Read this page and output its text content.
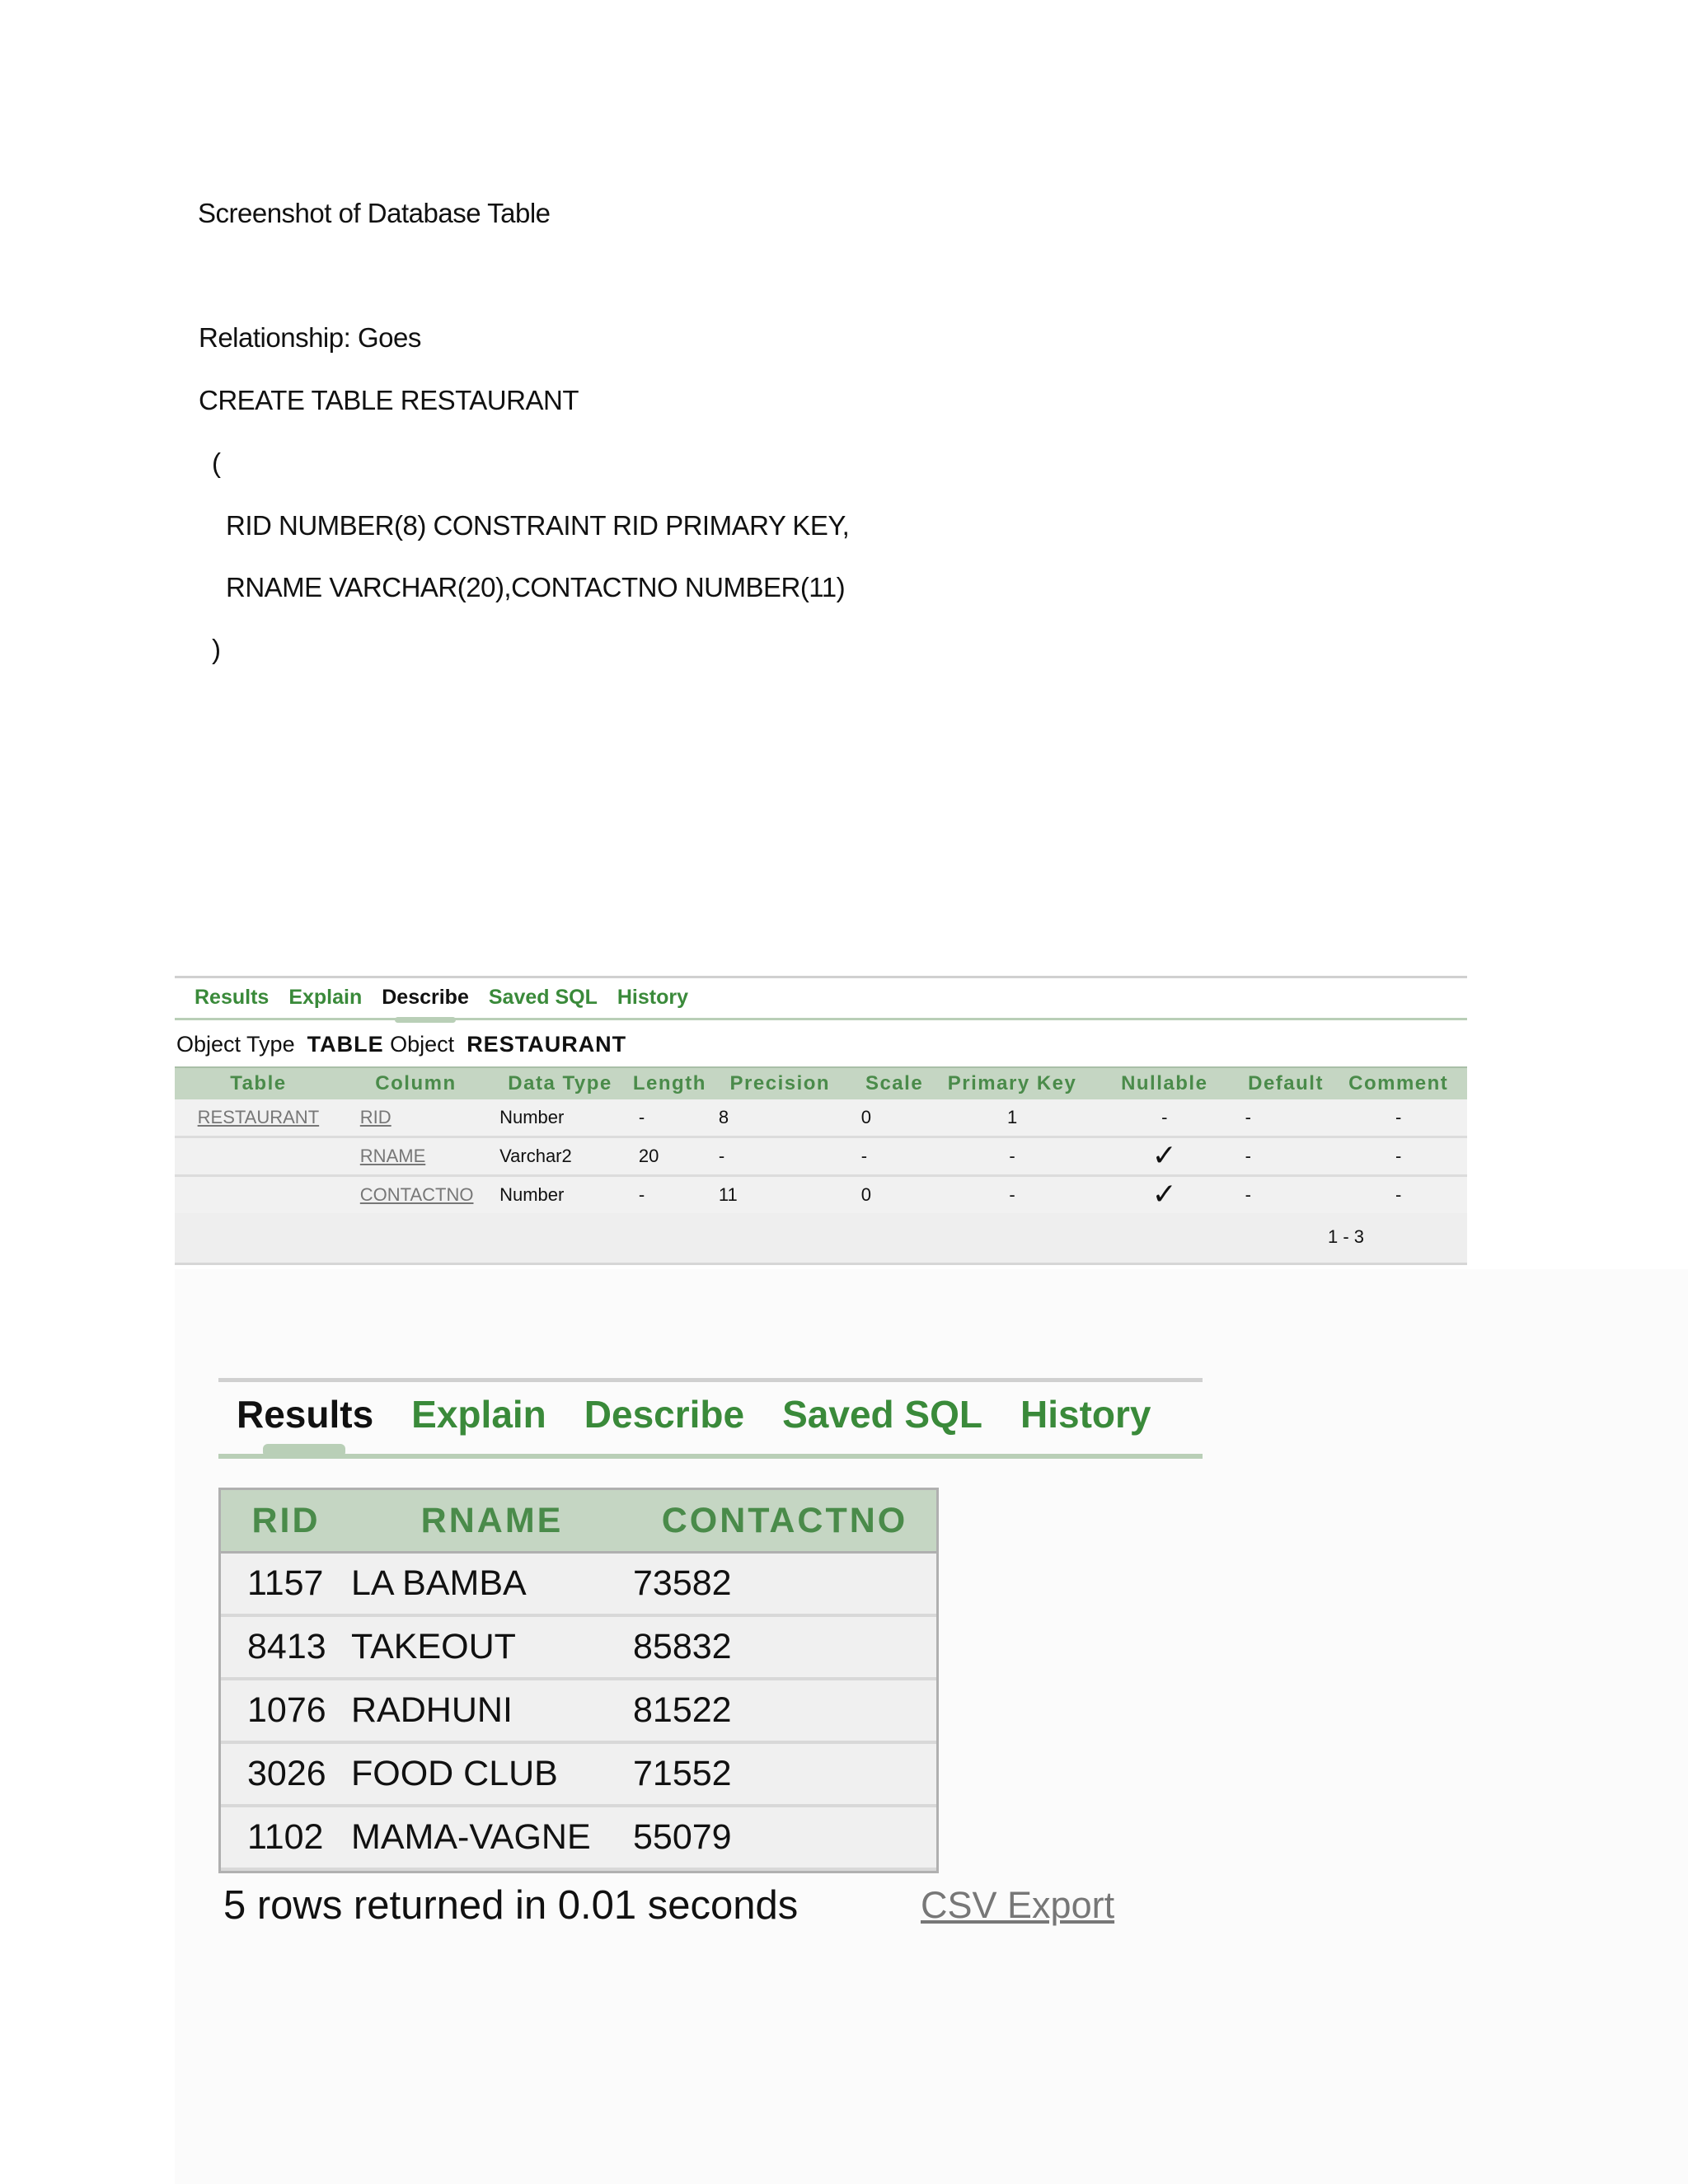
Screenshot of Database Table
Relationship: Goes
CREATE TABLE RESTAURANT
(
RID NUMBER(8) CONSTRAINT RID PRIMARY KEY,
RNAME VARCHAR(20),CONTACTNO NUMBER(11)
)
Results Explain Describe Saved SQL History
Object Type TABLE Object RESTAURANT
Table	Column	Data Type	Length	Precision	Scale	Primary Key	Nullable	Default	Comment
RESTAURANT	RID	Number	-	8	0	1	-	-	-
	RNAME	Varchar2	20	-	-	-	✓	-	-
	CONTACTNO	Number	-	11	0	-	✓	-	-
1 - 3
Results Explain Describe Saved SQL History
RID	RNAME	CONTACTNO
1157	LA BAMBA	73582
8413	TAKEOUT	85832
1076	RADHUNI	81522
3026	FOOD CLUB	71552
1102	MAMA-VAGNE	55079
5 rows returned in 0.01 seconds	CSV Export
